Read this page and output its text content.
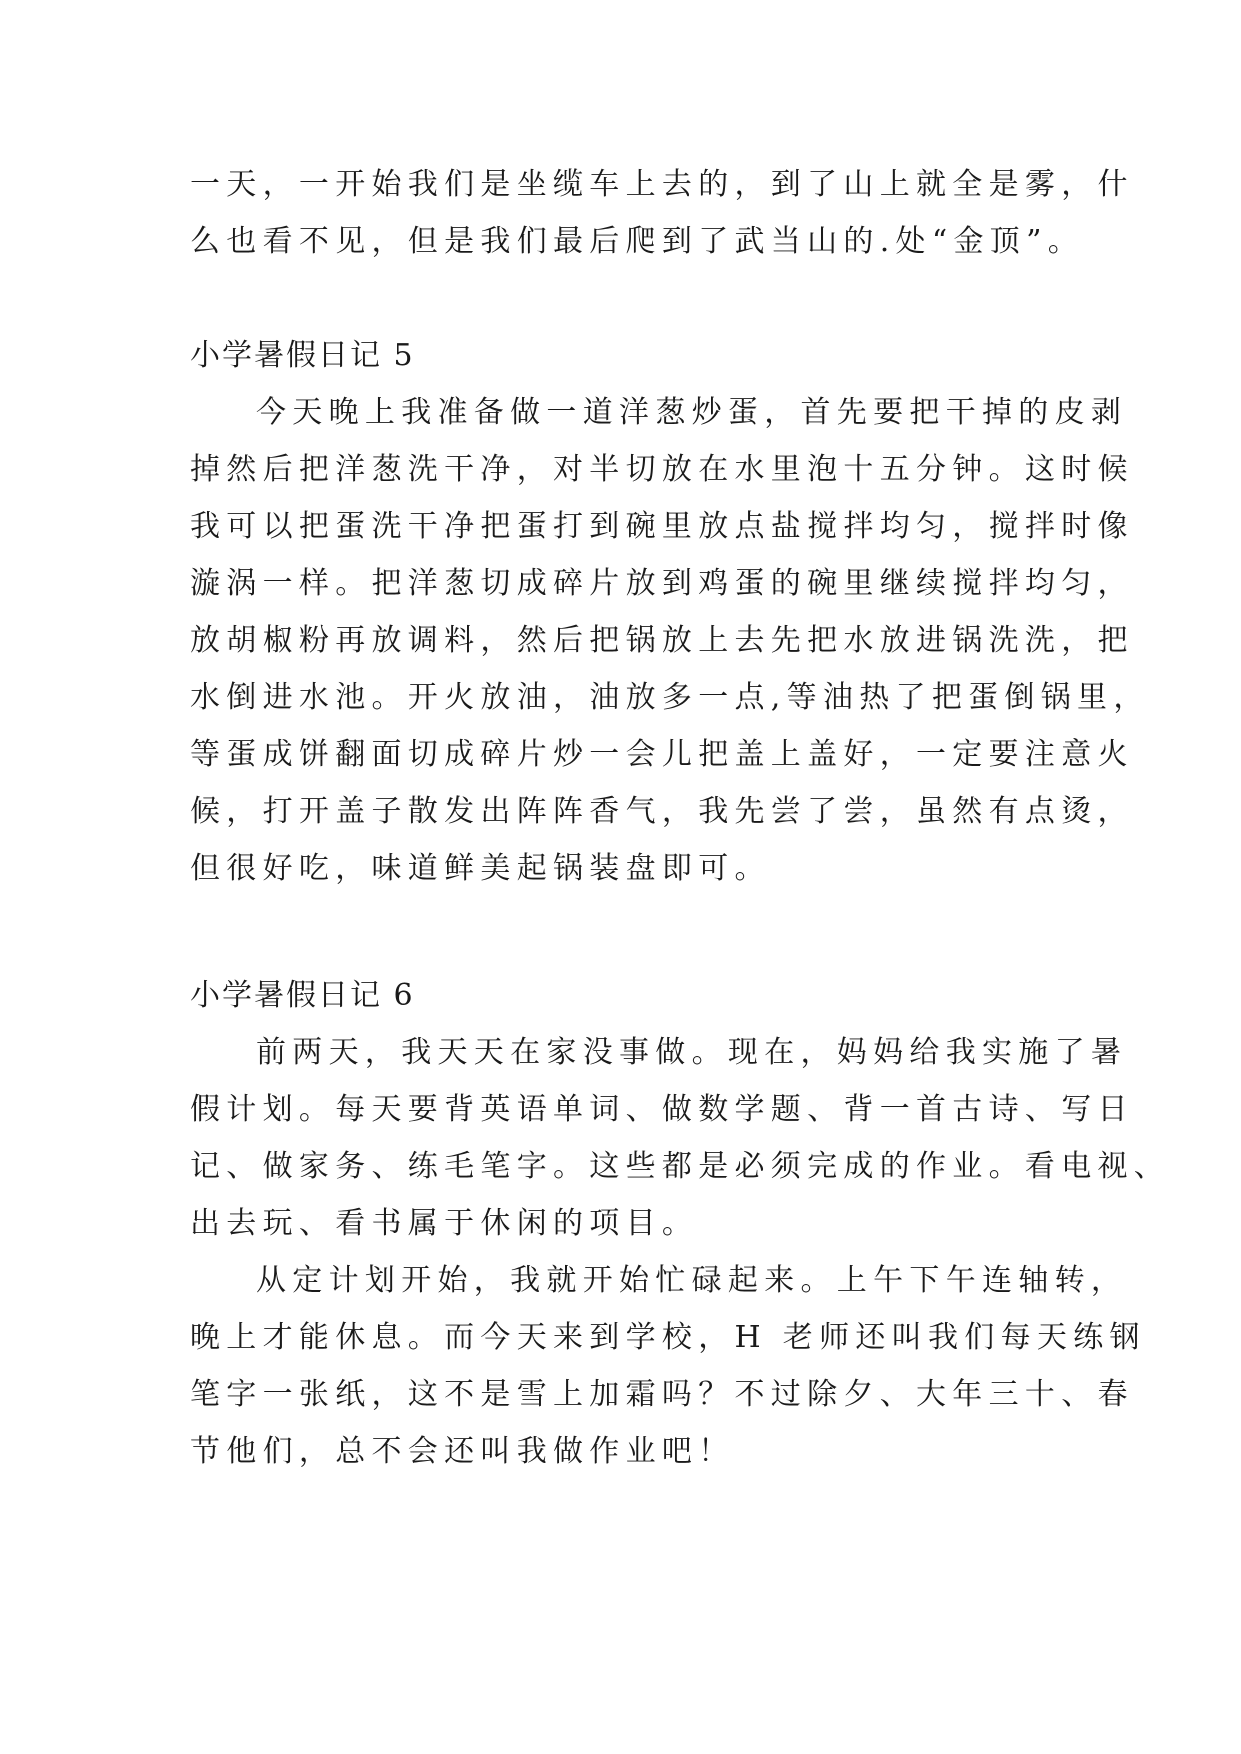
一天，一开始我们是坐缆车上去的，到了山上就全是雾，什
么也看不见，但是我们最后爬到了武当山的.处“金顶”。
小学暑假日记 5
今天晚上我准备做一道洋葱炒蛋，首先要把干掉的皮剥
掉然后把洋葱洗干净，对半切放在水里泡十五分钟。这时候
我可以把蛋洗干净把蛋打到碗里放点盐搅拌均匀，搅拌时像
漩涡一样。把洋葱切成碎片放到鸡蛋的碗里继续搅拌均匀，
放胡椒粉再放调料，然后把锅放上去先把水放进锅洗洗，把
水倒进水池。开火放油，油放多一点,等油热了把蛋倒锅里，
等蛋成饼翻面切成碎片炒一会儿把盖上盖好，一定要注意火
候，打开盖子散发出阵阵香气，我先尝了尝，虽然有点烫，
但很好吃，味道鲜美起锅装盘即可。
小学暑假日记 6
前两天，我天天在家没事做。现在，妈妈给我实施了暑
假计划。每天要背英语单词、做数学题、背一首古诗、写日
记、做家务、练毛笔字。这些都是必须完成的作业。看电视、
出去玩、看书属于休闲的项目。
从定计划开始，我就开始忙碌起来。上午下午连轴转，
晚上才能休息。而今天来到学校，H 老师还叫我们每天练钢
笔字一张纸，这不是雪上加霜吗？不过除夕、大年三十、春
节他们，总不会还叫我做作业吧！
